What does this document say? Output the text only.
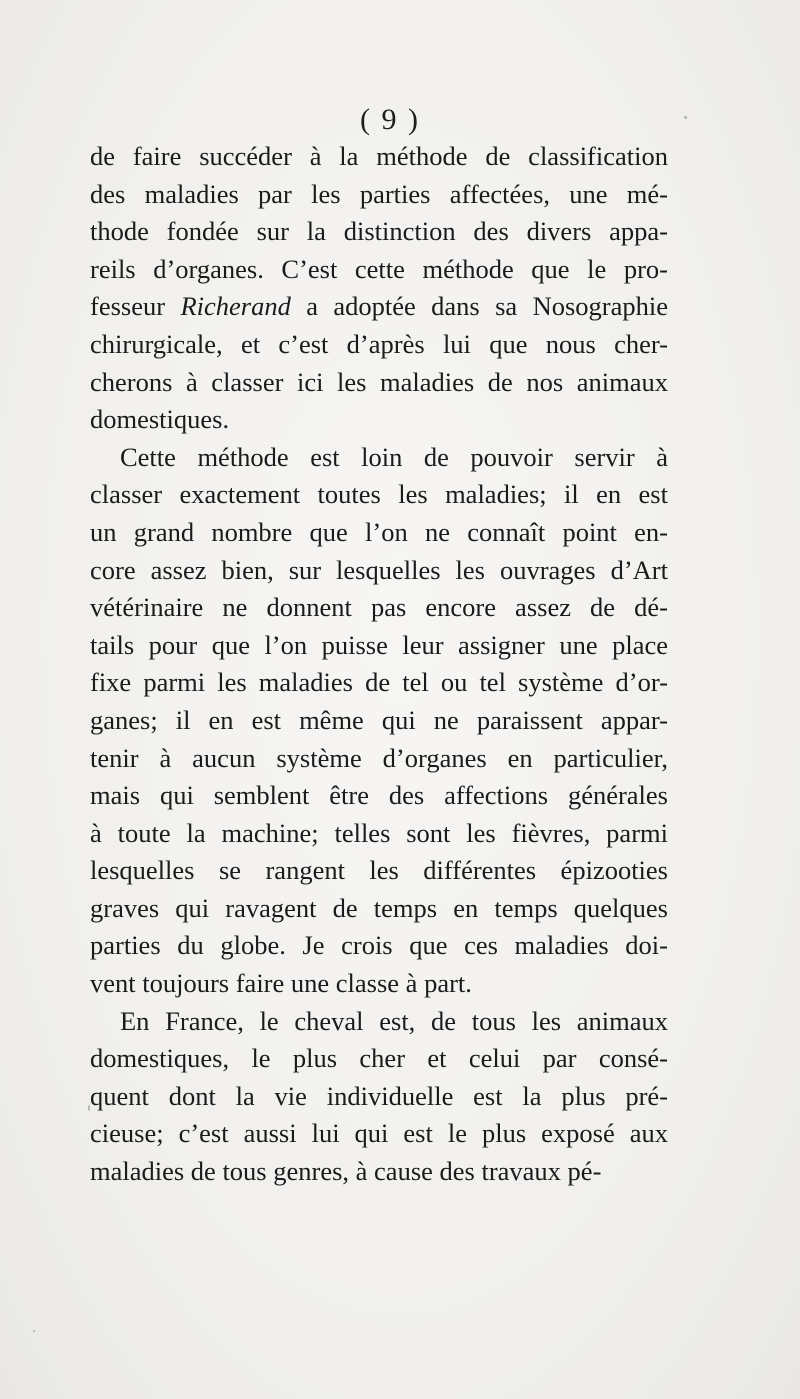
( 9 )
de faire succéder à la méthode de classification
des maladies par les parties affectées, une mé-
thode fondée sur la distinction des divers appa-
reils d’organes. C’est cette méthode que le pro-
fesseur Richerand a adoptée dans sa Nosographie
chirurgicale, et c’est d’après lui que nous cher-
cherons à classer ici les maladies de nos animaux
domestiques.
Cette méthode est loin de pouvoir servir à
classer exactement toutes les maladies; il en est
un grand nombre que l’on ne connaît point en-
core assez bien, sur lesquelles les ouvrages d’Art
vétérinaire ne donnent pas encore assez de dé-
tails pour que l’on puisse leur assigner une place
fixe parmi les maladies de tel ou tel système d’or-
ganes; il en est même qui ne paraissent appar-
tenir à aucun système d’organes en particulier,
mais qui semblent être des affections générales
à toute la machine; telles sont les fièvres, parmi
lesquelles se rangent les différentes épizooties
graves qui ravagent de temps en temps quelques
parties du globe. Je crois que ces maladies doi-
vent toujours faire une classe à part.
En France, le cheval est, de tous les animaux
domestiques, le plus cher et celui par consé-
quent dont la vie individuelle est la plus pré-
cieuse; c’est aussi lui qui est le plus exposé aux
maladies de tous genres, à cause des travaux pé-
